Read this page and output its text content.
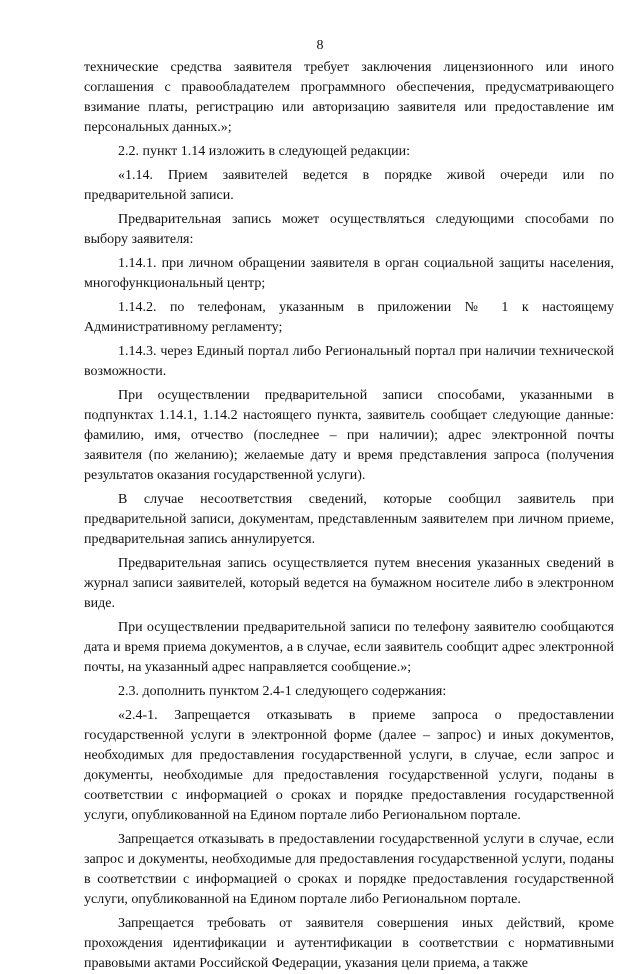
8

технические средства заявителя требует заключения лицензионного или иного соглашения с правообладателем программного обеспечения, предусматривающего взимание платы, регистрацию или авторизацию заявителя или предоставление им персональных данных.»;

2.2. пункт 1.14 изложить в следующей редакции:

«1.14. Прием заявителей ведется в порядке живой очереди или по предварительной записи.

Предварительная запись может осуществляться следующими способами по выбору заявителя:

1.14.1. при личном обращении заявителя в орган социальной защиты населения, многофункциональный центр;

1.14.2. по телефонам, указанным в приложении № 1 к настоящему Административному регламенту;

1.14.3. через Единый портал либо Региональный портал при наличии технической возможности.

При осуществлении предварительной записи способами, указанными в подпунктах 1.14.1, 1.14.2 настоящего пункта, заявитель сообщает следующие данные: фамилию, имя, отчество (последнее – при наличии); адрес электронной почты заявителя (по желанию); желаемые дату и время представления запроса (получения результатов оказания государственной услуги).

В случае несоответствия сведений, которые сообщил заявитель при предварительной записи, документам, представленным заявителем при личном приеме, предварительная запись аннулируется.

Предварительная запись осуществляется путем внесения указанных сведений в журнал записи заявителей, который ведется на бумажном носителе либо в электронном виде.

При осуществлении предварительной записи по телефону заявителю сообщаются дата и время приема документов, а в случае, если заявитель сообщит адрес электронной почты, на указанный адрес направляется сообщение.»;

2.3. дополнить пунктом 2.4-1 следующего содержания:

«2.4-1. Запрещается отказывать в приеме запроса о предоставлении государственной услуги в электронной форме (далее – запрос) и иных документов, необходимых для предоставления государственной услуги, в случае, если запрос и документы, необходимые для предоставления государственной услуги, поданы в соответствии с информацией о сроках и порядке предоставления государственной услуги, опубликованной на Едином портале либо Региональном портале.

Запрещается отказывать в предоставлении государственной услуги в случае, если запрос и документы, необходимые для предоставления государственной услуги, поданы в соответствии с информацией о сроках и порядке предоставления государственной услуги, опубликованной на Едином портале либо Региональном портале.

Запрещается требовать от заявителя совершения иных действий, кроме прохождения идентификации и аутентификации в соответствии с нормативными правовыми актами Российской Федерации, указания цели приема, а также
